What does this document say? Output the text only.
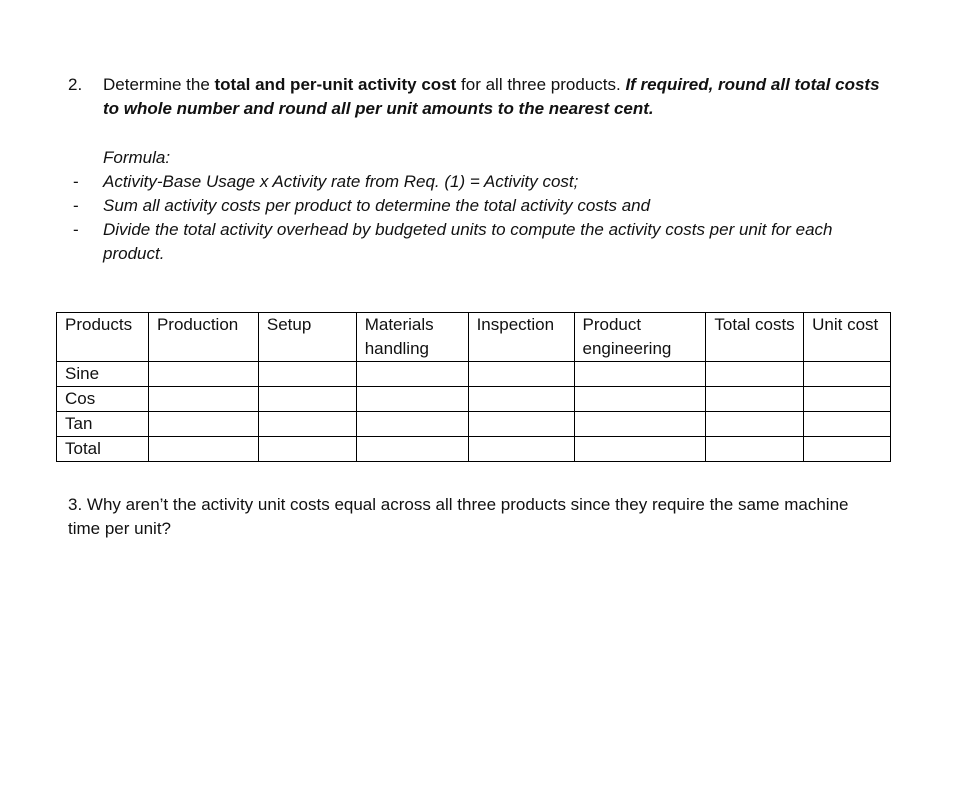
2. Determine the total and per-unit activity cost for all three products. If required, round all total costs to whole number and round all per unit amounts to the nearest cent.
Formula:
- Activity-Base Usage x Activity rate from Req. (1) = Activity cost;
- Sum all activity costs per product to determine the total activity costs and
- Divide the total activity overhead by budgeted units to compute the activity costs per unit for each product.
Products	Production	Setup	Materials handling	Inspection	Product engineering	Total costs	Unit cost
Sine							
Cos							
Tan							
Total							
3. Why aren’t the activity unit costs equal across all three products since they require the same machine time per unit?
